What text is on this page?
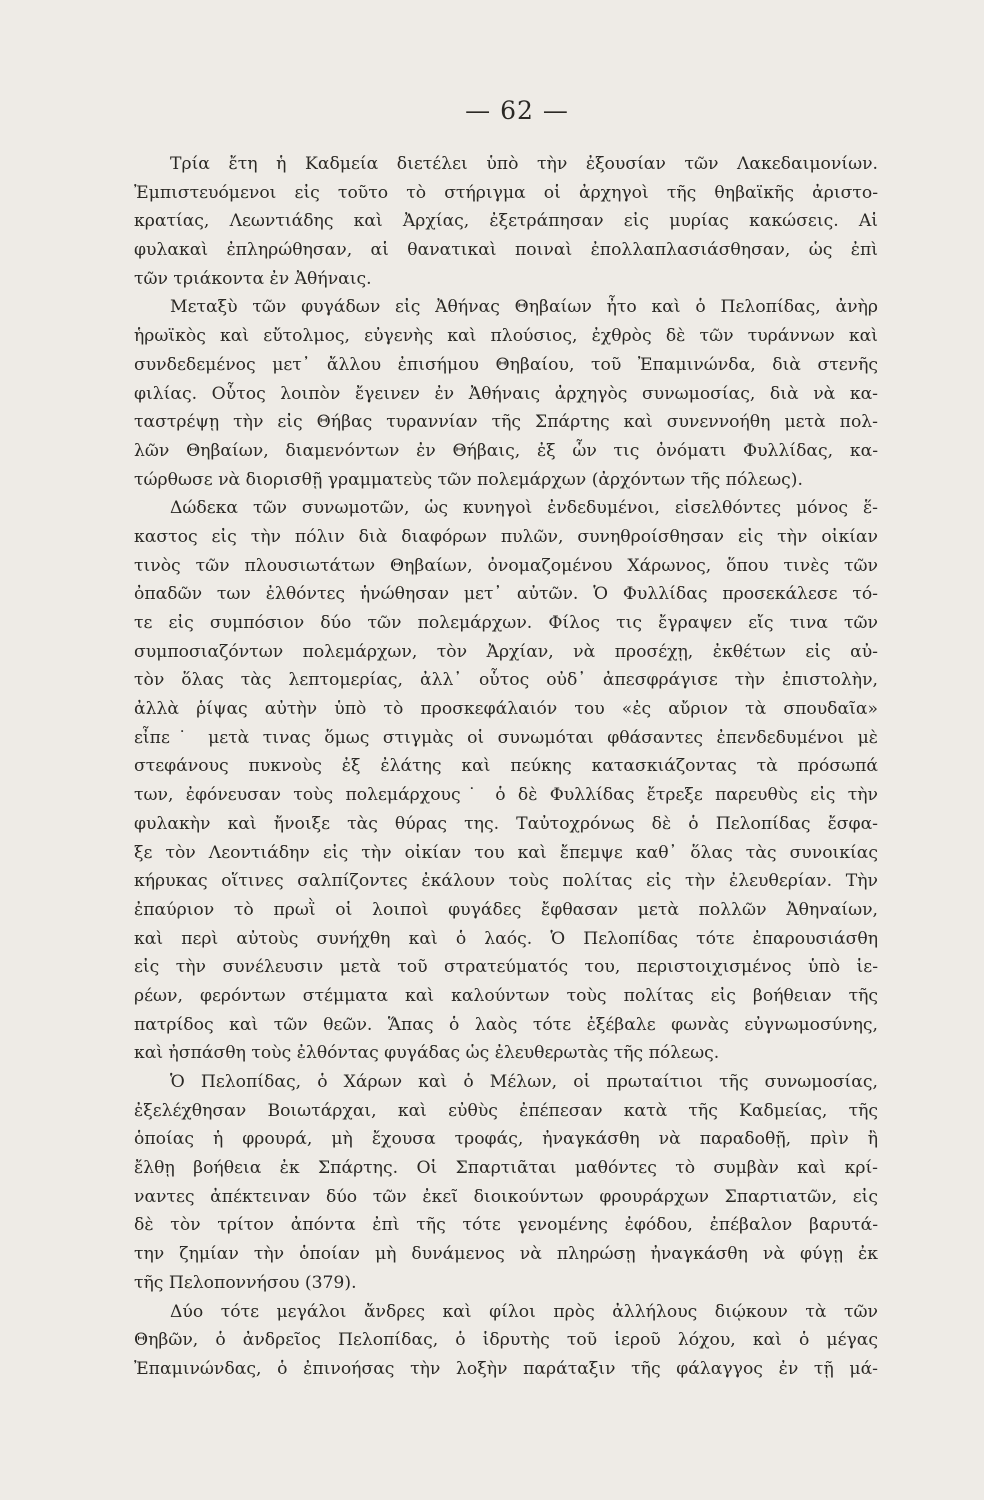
— 62 —
Τρία ἔτη ἡ Καδμεία διετέλει ὑπὸ τὴν ἐξουσίαν τῶν Λακεδαιμονίων.
Ἐμπιστευόμενοι εἰς τοῦτο τὸ στήριγμα οἱ ἀρχηγοὶ τῆς θηβαϊκῆς ἀριστο-
κρατίας, Λεωντιάδης καὶ Ἀρχίας, ἐξετράπησαν εἰς μυρίας κακώσεις. Αἱ
φυλακαὶ ἐπληρώθησαν, αἱ θανατικαὶ ποιναὶ ἐπολλαπλασιάσθησαν, ὡς ἐπὶ
τῶν τριάκοντα ἐν Ἀθήναις.
Μεταξὺ τῶν φυγάδων εἰς Ἀθήνας Θηβαίων ἦτο καὶ ὁ Πελοπίδας, ἀνὴρ
ἡρωϊκὸς καὶ εὔτολμος, εὐγενὴς καὶ πλούσιος, ἐχθρὸς δὲ τῶν τυράννων καὶ
συνδεδεμένος μετ᾽ ἄλλου ἐπισήμου Θηβαίου, τοῦ Ἐπαμινώνδα, διὰ στενῆς
φιλίας. Οὗτος λοιπὸν ἔγεινεν ἐν Ἀθήναις ἀρχηγὸς συνωμοσίας, διὰ νὰ κα-
ταστρέψῃ τὴν εἰς Θήβας τυραννίαν τῆς Σπάρτης καὶ συνεννοήθη μετὰ πολ-
λῶν Θηβαίων, διαμενόντων ἐν Θήβαις, ἐξ ὧν τις ὀνόματι Φυλλίδας, κα-
τώρθωσε νὰ διορισθῇ γραμματεὺς τῶν πολεμάρχων (ἀρχόντων τῆς πόλεως).
Δώδεκα τῶν συνωμοτῶν, ὡς κυνηγοὶ ἐνδεδυμένοι, εἰσελθόντες μόνος ἕ-
καστος εἰς τὴν πόλιν διὰ διαφόρων πυλῶν, συνηθροίσθησαν εἰς τὴν οἰκίαν
τινὸς τῶν πλουσιωτάτων Θηβαίων, ὀνομαζομένου Χάρωνος, ὅπου τινὲς τῶν
ὀπαδῶν των ἐλθόντες ἡνώθησαν μετ᾽ αὐτῶν. Ὁ Φυλλίδας προσεκάλεσε τό-
τε εἰς συμπόσιον δύο τῶν πολεμάρχων. Φίλος τις ἔγραψεν εἴς τινα τῶν
συμποσιαζόντων πολεμάρχων, τὸν Ἀρχίαν, νὰ προσέχῃ, ἐκθέτων εἰς αὐ-
τὸν ὅλας τὰς λεπτομερίας, ἀλλ᾽ οὗτος οὐδ᾽ ἀπεσφράγισε τὴν ἐπιστολὴν,
ἀλλὰ ῥίψας αὐτὴν ὑπὸ τὸ προσκεφάλαιόν του «ἐς αὔριον τὰ σπουδαῖα»
εἶπε˙ μετὰ τινας ὅμως στιγμὰς οἱ συνωμόται φθάσαντες ἐπενδεδυμένοι μὲ
στεφάνους πυκνοὺς ἐξ ἐλάτης καὶ πεύκης κατασκιάζοντας τὰ πρόσωπά
των, ἐφόνευσαν τοὺς πολεμάρχους˙ ὁ δὲ Φυλλίδας ἔτρεξε παρευθὺς εἰς τὴν
φυλακὴν καὶ ἤνοιξε τὰς θύρας της. Ταὐτοχρόνως δὲ ὁ Πελοπίδας ἔσφα-
ξε τὸν Λεοντιάδην εἰς τὴν οἰκίαν του καὶ ἔπεμψε καθ᾽ ὅλας τὰς συνοικίας
κήρυκας οἵτινες σαλπίζοντες ἐκάλουν τοὺς πολίτας εἰς τὴν ἐλευθερίαν. Τὴν
ἐπαύριον τὸ πρωῒ οἱ λοιποὶ φυγάδες ἔφθασαν μετὰ πολλῶν Ἀθηναίων,
καὶ περὶ αὐτοὺς συνήχθη καὶ ὁ λαός. Ὁ Πελοπίδας τότε ἐπαρουσιάσθη
εἰς τὴν συνέλευσιν μετὰ τοῦ στρατεύματός του, περιστοιχισμένος ὑπὸ ἱε-
ρέων, φερόντων στέμματα καὶ καλούντων τοὺς πολίτας εἰς βοήθειαν τῆς
πατρίδος καὶ τῶν θεῶν. Ἅπας ὁ λαὸς τότε ἐξέβαλε φωνὰς εὐγνωμοσύνης,
καὶ ἠσπάσθη τοὺς ἐλθόντας φυγάδας ὡς ἐλευθερωτὰς τῆς πόλεως.
Ὁ Πελοπίδας, ὁ Χάρων καὶ ὁ Μέλων, οἱ πρωταίτιοι τῆς συνωμοσίας,
ἐξελέχθησαν Βοιωτάρχαι, καὶ εὐθὺς ἐπέπεσαν κατὰ τῆς Καδμείας, τῆς
ὁποίας ἡ φρουρά, μὴ ἔχουσα τροφάς, ἠναγκάσθη νὰ παραδοθῇ, πρὶν ἢ
ἔλθῃ βοήθεια ἐκ Σπάρτης. Οἱ Σπαρτιᾶται μαθόντες τὸ συμβὰν καὶ κρί-
ναντες ἀπέκτειναν δύο τῶν ἐκεῖ διοικούντων φρουράρχων Σπαρτιατῶν, εἰς
δὲ τὸν τρίτον ἀπόντα ἐπὶ τῆς τότε γενομένης ἐφόδου, ἐπέβαλον βαρυτά-
την ζημίαν τὴν ὁποίαν μὴ δυνάμενος νὰ πληρώσῃ ἠναγκάσθη νὰ φύγῃ ἐκ
τῆς Πελοποννήσου (379).
Δύο τότε μεγάλοι ἄνδρες καὶ φίλοι πρὸς ἀλλήλους διῴκουν τὰ τῶν
Θηβῶν, ὁ ἀνδρεῖος Πελοπίδας, ὁ ἱδρυτὴς τοῦ ἱεροῦ λόχου, καὶ ὁ μέγας
Ἐπαμινώνδας, ὁ ἐπινοήσας τὴν λοξὴν παράταξιν τῆς φάλαγγος ἐν τῇ μά-
